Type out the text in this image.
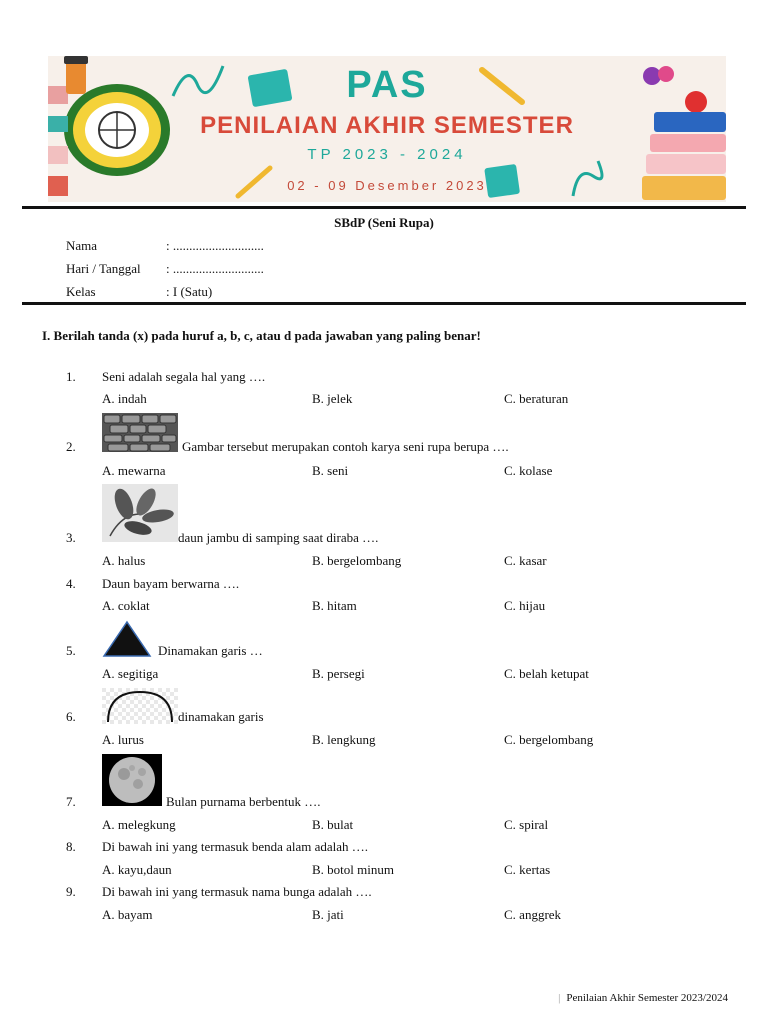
PAS
PENILAIAN AKHIR SEMESTER
TP 2023 - 2024
02 - 09 Desember 2023
SBdP (Seni Rupa)
Nama	: ............................
Hari / Tanggal : ............................
Kelas	: I (Satu)
I. Berilah tanda (x) pada huruf a, b, c, atau d pada jawaban yang paling benar!
1. Seni adalah segala hal yang ….
A. indah	B. jelek	C. beraturan
2.	Gambar tersebut merupakan contoh karya seni rupa berupa ….
A. mewarna	B. seni	C. kolase
3.	daun jambu di samping saat diraba ….
A. halus	B. bergelombang	C. kasar
4. Daun bayam berwarna ….
A. coklat	B. hitam	C. hijau
5.	Dinamakan garis …
A. segitiga	B. persegi	C. belah ketupat
6.	dinamakan garis
A. lurus	B. lengkung	C. bergelombang
7.	Bulan purnama berbentuk ….
A. melegkung	B. bulat	C. spiral
8. Di bawah ini yang termasuk benda alam adalah ….
A. kayu,daun	B. botol minum	C. kertas
9. Di bawah ini yang termasuk nama bunga adalah ….
A. bayam	B. jati	C. anggrek
| Penilaian Akhir Semester 2023/2024
